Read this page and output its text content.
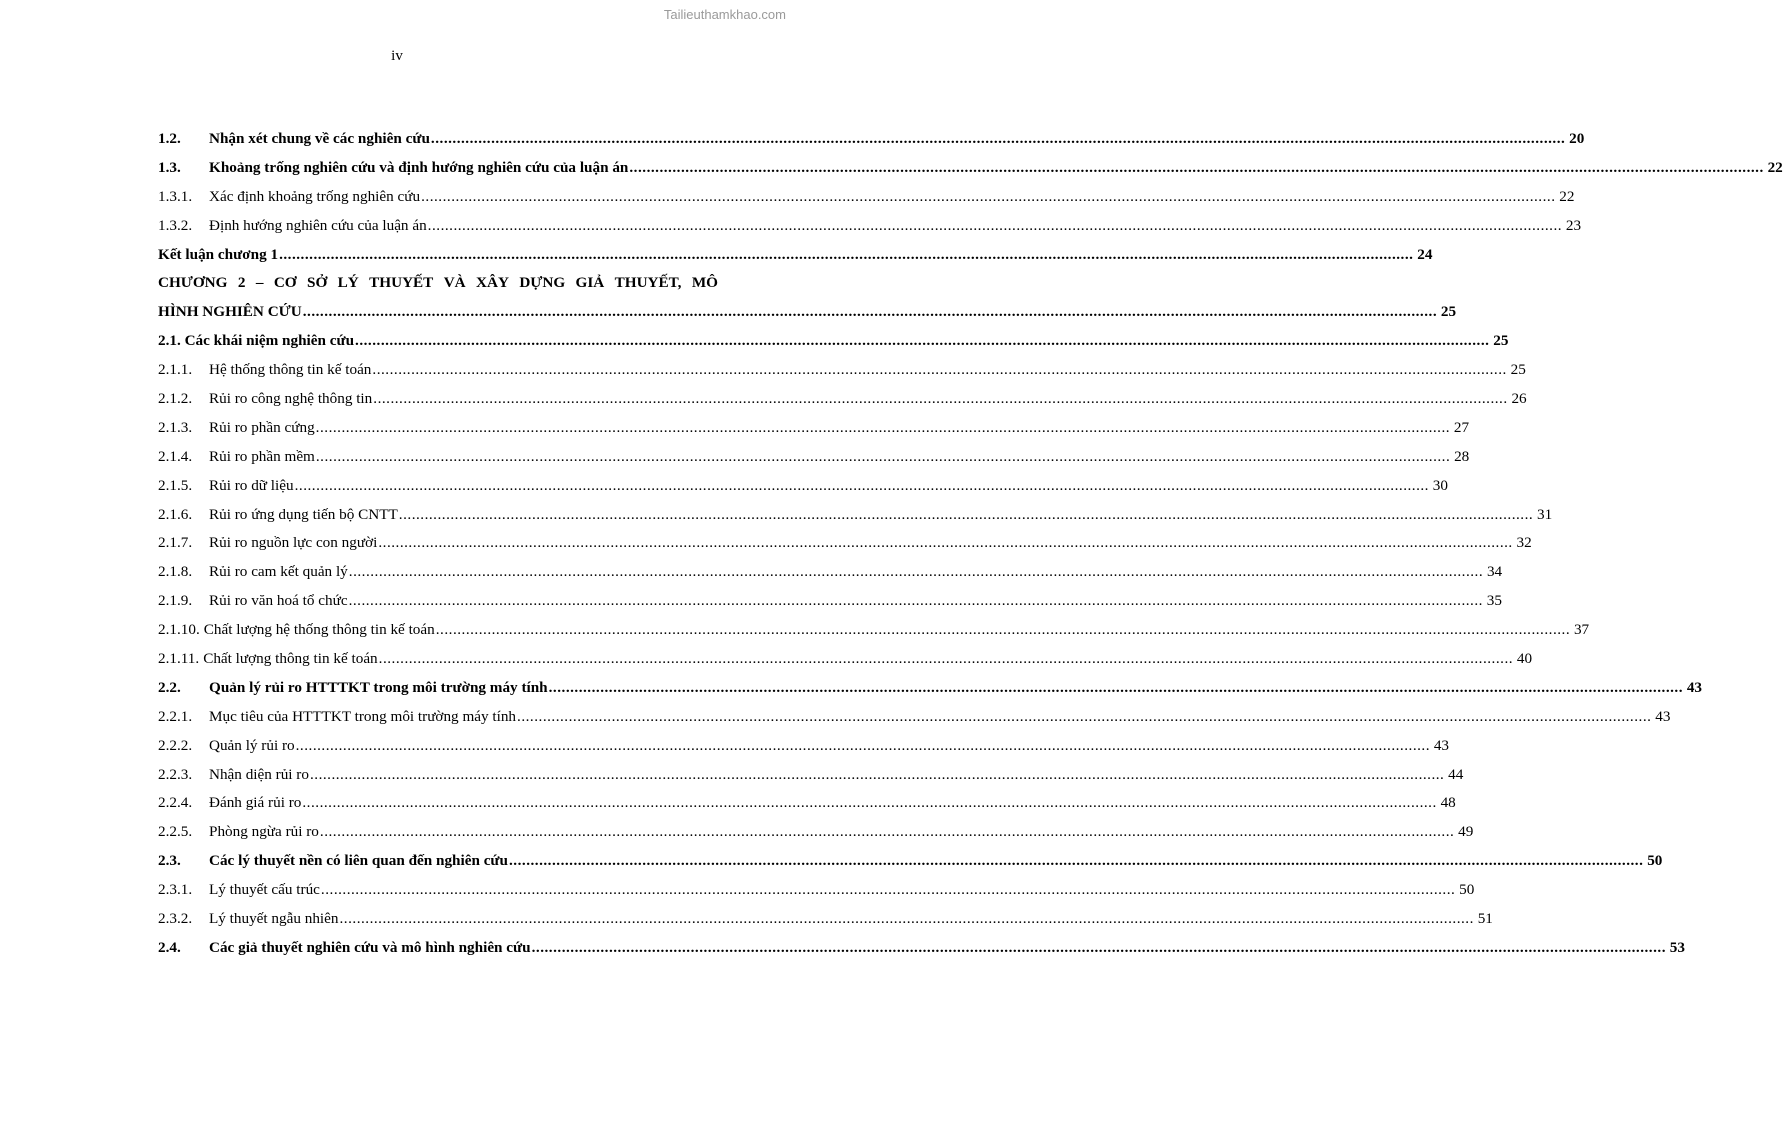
Tailieuthamkhao.com
iv
1.2.	Nhận xét chung về các nghiên cứu .....	20
1.3.	Khoảng trống nghiên cứu và định hướng nghiên cứu của luận án .....	22
1.3.1.	Xác định khoảng trống nghiên cứu .....	22
1.3.2.	Định hướng nghiên cứu của luận án .....	23
Kết luận chương 1 .....	24
CHƯƠNG 2 – CƠ SỞ LÝ THUYẾT VÀ XÂY DỰNG GIẢ THUYẾT, MÔ
HÌNH NGHIÊN CỨU .....	25
2.1. Các khái niệm nghiên cứu .....	25
2.1.1.	Hệ thống thông tin kế toán .....	25
2.1.2.	Rủi ro công nghệ thông tin .....	26
2.1.3.	Rủi ro phần cứng .....	27
2.1.4.	Rủi ro phần mềm .....	28
2.1.5.	Rủi ro dữ liệu .....	30
2.1.6.	Rủi ro ứng dụng tiến bộ CNTT .....	31
2.1.7.	Rủi ro nguồn lực con người .....	32
2.1.8.	Rủi ro cam kết quản lý .....	34
2.1.9.	Rủi ro văn hoá tổ chức .....	35
2.1.10. Chất lượng hệ thống thông tin kế toán .....	37
2.1.11. Chất lượng thông tin kế toán .....	40
2.2.	Quản lý rủi ro HTTTKT trong môi trường máy tính .....	43
2.2.1.	Mục tiêu của HTTTKT trong môi trường máy tính .....	43
2.2.2.	Quản lý rủi ro .....	43
2.2.3.	Nhận diện rủi ro .....	44
2.2.4.	Đánh giá rủi ro .....	48
2.2.5.	Phòng ngừa rủi ro .....	49
2.3.	Các lý thuyết nền có liên quan đến nghiên cứu .....	50
2.3.1.	Lý thuyết cấu trúc .....	50
2.3.2.	Lý thuyết ngẫu nhiên .....	51
2.4.	Các giả thuyết nghiên cứu và mô hình nghiên cứu .....	53
